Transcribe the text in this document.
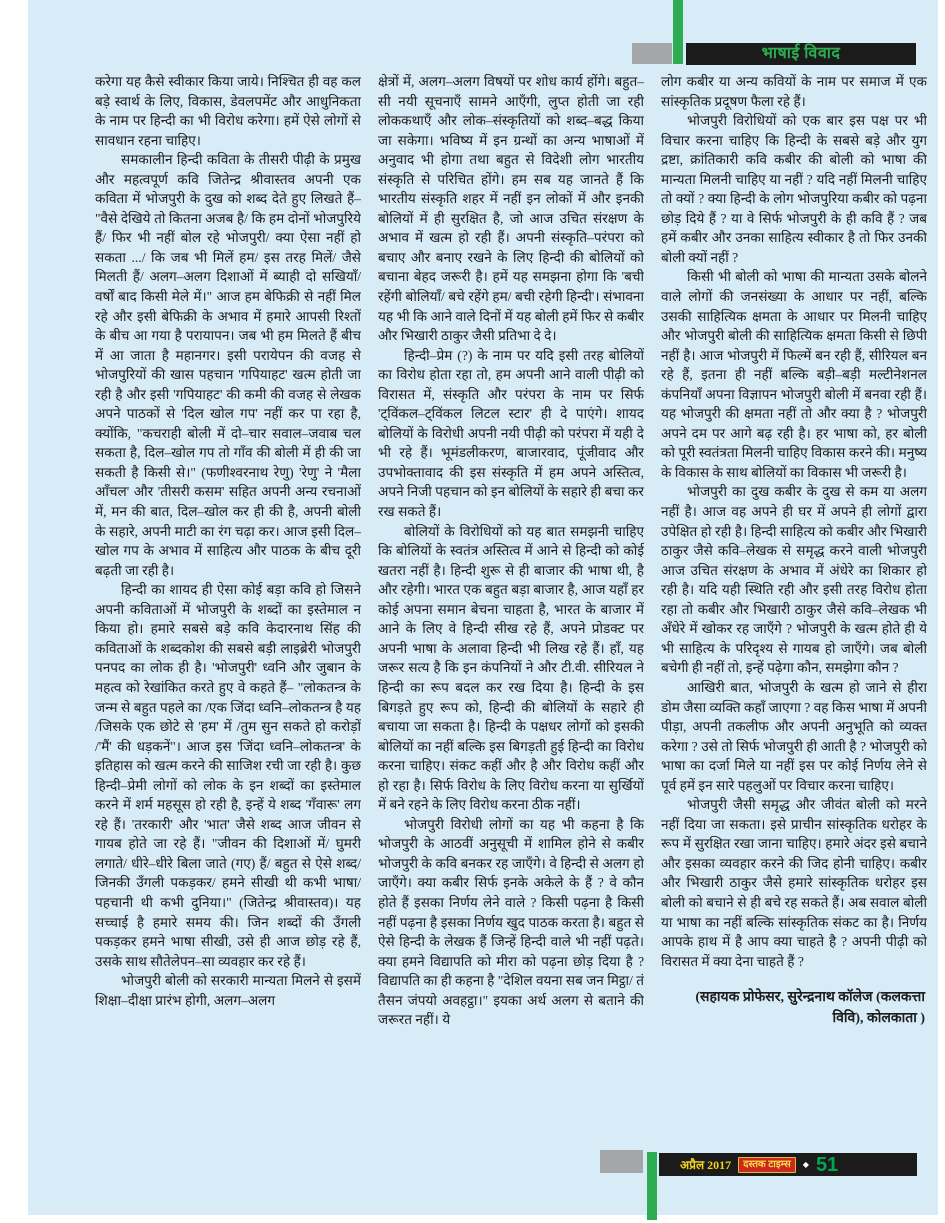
भाषाई विवाद

करेगा यह कैसे स्वीकार किया जाये। निश्चित ही वह कल बड़े स्वार्थ के लिए, विकास, डेवलपमेंट और आधुनिकता के नाम पर हिन्दी का भी विरोध करेगा। हमें ऐसे लोगों से सावधान रहना चाहिए।

समकालीन हिन्दी कविता के तीसरी पीढ़ी के प्रमुख और महत्वपूर्ण कवि जितेन्द्र श्रीवास्तव अपनी एक कविता में भोजपुरी के दुख को शब्द देते हुए लिखते हैं– "वैसे देखिये तो कितना अजब है/ कि हम दोनों भोजपुरिये हैं/ फिर भी नहीं बोल रहे भोजपुरी/ क्या ऐसा नहीं हो सकता .../ कि जब भी मिलें हम/ इस तरह मिलें/ जैसे मिलती हैं/ अलग–अलग दिशाओं में ब्याही दो सखियाँ/ वर्षों बाद किसी मेले में।" आज हम बेफिक्री से नहीं मिल रहे और इसी बेफिक्री के अभाव में हमारे आपसी रिश्तों के बीच आ गया है परायापन। जब भी हम मिलते हैं बीच में आ जाता है महानगर। इसी परायेपन की वजह से भोजपुरियों की खास पहचान 'गपियाहट' खत्म होती जा रही है और इसी 'गपियाहट' की कमी की वजह से लेखक अपने पाठकों से 'दिल खोल गप' नहीं कर पा रहा है, क्योंकि, "कचराही बोली में दो–चार सवाल–जवाब चल सकता है, दिल–खोल गप तो गाँव की बोली में ही की जा सकती है किसी से।" (फणीश्वरनाथ रेणु) 'रेणु' ने 'मैला आँचल' और 'तीसरी कसम' सहित अपनी अन्य रचनाओं में, मन की बात, दिल–खोल कर ही की है, अपनी बोली के सहारे, अपनी माटी का रंग चढ़ा कर। आज इसी दिल–खोल गप के अभाव में साहित्य और पाठक के बीच दूरी बढ़ती जा रही है।

हिन्दी का शायद ही ऐसा कोई बड़ा कवि हो जिसने अपनी कविताओं में भोजपुरी के शब्दों का इस्तेमाल न किया हो। हमारे सबसे बड़े कवि केदारनाथ सिंह की कविताओं के शब्दकोश की सबसे बड़ी लाइब्रेरी भोजपुरी पनपद का लोक ही है। 'भोजपुरी' ध्वनि और जुबान के महत्व को रेखांकित करते हुए वे कहते हैं– "लोकतन्त्र के जन्म से बहुत पहले का /एक जिंदा ध्वनि–लोकतन्त्र है यह /जिसके एक छोटे से 'हम' में /तुम सुन सकते हो करोड़ों /'मैं' की धड़कनें"। आज इस 'जिंदा ध्वनि–लोकतन्त्र' के इतिहास को खत्म करने की साजिश रची जा रही है। कुछ हिन्दी–प्रेमी लोगों को लोक के इन शब्दों का इस्तेमाल करने में शर्म महसूस हो रही है, इन्हें ये शब्द 'गँवारू' लग रहे हैं। 'तरकारी' और 'भात' जैसे शब्द आज जीवन से गायब होते जा रहे हैं। "जीवन की दिशाओं में/ घुमरी लगाते/ धीरे–धीरे बिला जाते (गए) हैं/ बहुत से ऐसे शब्द/ जिनकी उँगली पकड़कर/ हमने सीखी थी कभी भाषा/ पहचानी थी कभी दुनिया।" (जितेन्द्र श्रीवास्तव)। यह सच्चाई है हमारे समय की। जिन शब्दों की उँगली पकड़कर हमने भाषा सीखी, उसे ही आज छोड़ रहे हैं, उसके साथ सौतेलेपन–सा व्यवहार कर रहे हैं।

भोजपुरी बोली को सरकारी मान्यता मिलने से इसमें शिक्षा–दीक्षा प्रारंभ होगी, अलग–अलग

क्षेत्रों में, अलग–अलग विषयों पर शोध कार्य होंगे। बहुत–सी नयी सूचनाएँ सामने आएँगी, लुप्त होती जा रही लोककथाएँ और लोक–संस्कृतियों को शब्द–बद्ध किया जा सकेगा। भविष्य में इन ग्रन्थों का अन्य भाषाओं में अनुवाद भी होगा तथा बहुत से विदेशी लोग भारतीय संस्कृति से परिचित होंगे। हम सब यह जानते हैं कि भारतीय संस्कृति शहर में नहीं इन लोकों में और इनकी बोलियों में ही सुरक्षित है, जो आज उचित संरक्षण के अभाव में खत्म हो रही हैं। अपनी संस्कृति–परंपरा को बचाए और बनाए रखने के लिए हिन्दी की बोलियों को बचाना बेहद जरूरी है। हमें यह समझना होगा कि 'बची रहेंगी बोलियाँ/ बचे रहेंगे हम/ बची रहेगी हिन्दी'। संभावना यह भी कि आने वाले दिनों में यह बोली हमें फिर से कबीर और भिखारी ठाकुर जैसी प्रतिभा दे दे।

हिन्दी–प्रेम (?) के नाम पर यदि इसी तरह बोलियों का विरोध होता रहा तो, हम अपनी आने वाली पीढ़ी को विरासत में, संस्कृति और परंपरा के नाम पर सिर्फ 'ट्विंकल–ट्विंकल लिटल स्टार' ही दे पाएंगे। शायद बोलियों के विरोधी अपनी नयी पीढ़ी को परंपरा में यही दे भी रहे हैं। भूमंडलीकरण, बाजारवाद, पूंजीवाद और उपभोक्तावाद की इस संस्कृति में हम अपने अस्तित्व, अपने निजी पहचान को इन बोलियों के सहारे ही बचा कर रख सकते हैं।

बोलियों के विरोधियों को यह बात समझनी चाहिए कि बोलियों के स्वतंत्र अस्तित्व में आने से हिन्दी को कोई खतरा नहीं है। हिन्दी शुरू से ही बाजार की भाषा थी, है और रहेगी। भारत एक बहुत बड़ा बाजार है, आज यहाँ हर कोई अपना समान बेचना चाहता है, भारत के बाजार में आने के लिए वे हिन्दी सीख रहे हैं, अपने प्रोडक्ट पर अपनी भाषा के अलावा हिन्दी भी लिख रहे हैं। हाँ, यह जरूर सत्य है कि इन कंपनियों ने और टी.वी. सीरियल ने हिन्दी का रूप बदल कर रख दिया है। हिन्दी के इस बिगड़ते हुए रूप को, हिन्दी की बोलियों के सहारे ही बचाया जा सकता है। हिन्दी के पक्षधर लोगों को इसकी बोलियों का नहीं बल्कि इस बिगड़ती हुई हिन्दी का विरोध करना चाहिए। संकट कहीं और है और विरोध कहीं और हो रहा है। सिर्फ विरोध के लिए विरोध करना या सुर्खियों में बने रहने के लिए विरोध करना ठीक नहीं।

भोजपुरी विरोधी लोगों का यह भी कहना है कि भोजपुरी के आठवीं अनुसूची में शामिल होने से कबीर भोजपुरी के कवि बनकर रह जाएँगे। वे हिन्दी से अलग हो जाएँगे। क्या कबीर सिर्फ इनके अकेले के हैं ? वे कौन होते हैं इसका निर्णय लेने वाले ? किसी पढ़ना है किसी नहीं पढ़ना है इसका निर्णय खुद पाठक करता है। बहुत से ऐसे हिन्दी के लेखक हैं जिन्हें हिन्दी वाले भी नहीं पढ़ते। क्या हमने विद्यापति को मीरा को पढ़ना छोड़ दिया है ? विद्यापति का ही कहना है "देशिल वयना सब जन मिट्ठा/ तं तैसन जंपयो अवहट्ठा।" इयका अर्थ अलग से बताने की जरूरत नहीं। ये

लोग कबीर या अन्य कवियों के नाम पर समाज में एक सांस्कृतिक प्रदूषण फैला रहे हैं।

भोजपुरी विरोधियों को एक बार इस पक्ष पर भी विचार करना चाहिए कि हिन्दी के सबसे बड़े और युग द्रष्टा, क्रांतिकारी कवि कबीर की बोली को भाषा की मान्यता मिलनी चाहिए या नहीं ? यदि नहीं मिलनी चाहिए तो क्यों ? क्या हिन्दी के लोग भोजपुरिया कबीर को पढ़ना छोड़ दिये हैं ? या वे सिर्फ भोजपुरी के ही कवि हैं ? जब हमें कबीर और उनका साहित्य स्वीकार है तो फिर उनकी बोली क्यों नहीं ?

किसी भी बोली को भाषा की मान्यता उसके बोलने वाले लोगों की जनसंख्या के आधार पर नहीं, बल्कि उसकी साहित्यिक क्षमता के आधार पर मिलनी चाहिए और भोजपुरी बोली की साहित्यिक क्षमता किसी से छिपी नहीं है। आज भोजपुरी में फिल्में बन रही हैं, सीरियल बन रहे हैं, इतना ही नहीं बल्कि बड़ी–बड़ी मल्टीनेशनल कंपनियाँ अपना विज्ञापन भोजपुरी बोली में बनवा रही हैं। यह भोजपुरी की क्षमता नहीं तो और क्या है ? भोजपुरी अपने दम पर आगे बढ़ रही है। हर भाषा को, हर बोली को पूरी स्वतंत्रता मिलनी चाहिए विकास करने की। मनुष्य के विकास के साथ बोलियों का विकास भी जरूरी है।

भोजपुरी का दुख कबीर के दुख से कम या अलग नहीं है। आज वह अपने ही घर में अपने ही लोगों द्वारा उपेक्षित हो रही है। हिन्दी साहित्य को कबीर और भिखारी ठाकुर जैसे कवि–लेखक से समृद्ध करने वाली भोजपुरी आज उचित संरक्षण के अभाव में अंधेरे का शिकार हो रही है। यदि यही स्थिति रही और इसी तरह विरोध होता रहा तो कबीर और भिखारी ठाकुर जैसे कवि–लेखक भी अँधेरे में खोकर रह जाएँगे ? भोजपुरी के खत्म होते ही ये भी साहित्य के परिदृश्य से गायब हो जाएँगे। जब बोली बचेगी ही नहीं तो, इन्हें पढ़ेगा कौन, समझेगा कौन ?

आखिरी बात, भोजपुरी के खत्म हो जाने से हीरा डोम जैसा व्यक्ति कहाँ जाएगा ? वह किस भाषा में अपनी पीड़ा, अपनी तकलीफ और अपनी अनुभूति को व्यक्त करेगा ? उसे तो सिर्फ भोजपुरी ही आती है ? भोजपुरी को भाषा का दर्जा मिले या नहीं इस पर कोई निर्णय लेने से पूर्व हमें इन सारे पहलुओं पर विचार करना चाहिए।

भोजपुरी जैसी समृद्ध और जीवंत बोली को मरने नहीं दिया जा सकता। इसे प्राचीन सांस्कृतिक धरोहर के रूप में सुरक्षित रखा जाना चाहिए। हमारे अंदर इसे बचाने और इसका व्यवहार करने की जिद होनी चाहिए। कबीर और भिखारी ठाकुर जैसे हमारे सांस्कृतिक धरोहर इस बोली को बचाने से ही बचे रह सकते हैं। अब सवाल बोली या भाषा का नहीं बल्कि सांस्कृतिक संकट का है। निर्णय आपके हाथ में है आप क्या चाहते है ? अपनी पीढ़ी को विरासत में क्या देना चाहते हैं ?

(सहायक प्रोफेसर, सुरेन्द्रनाथ कॉलेज (कलकत्ता विवि), कोलकाता )

अप्रैल 2017	दस्तक टाइम्स	◆ 51
